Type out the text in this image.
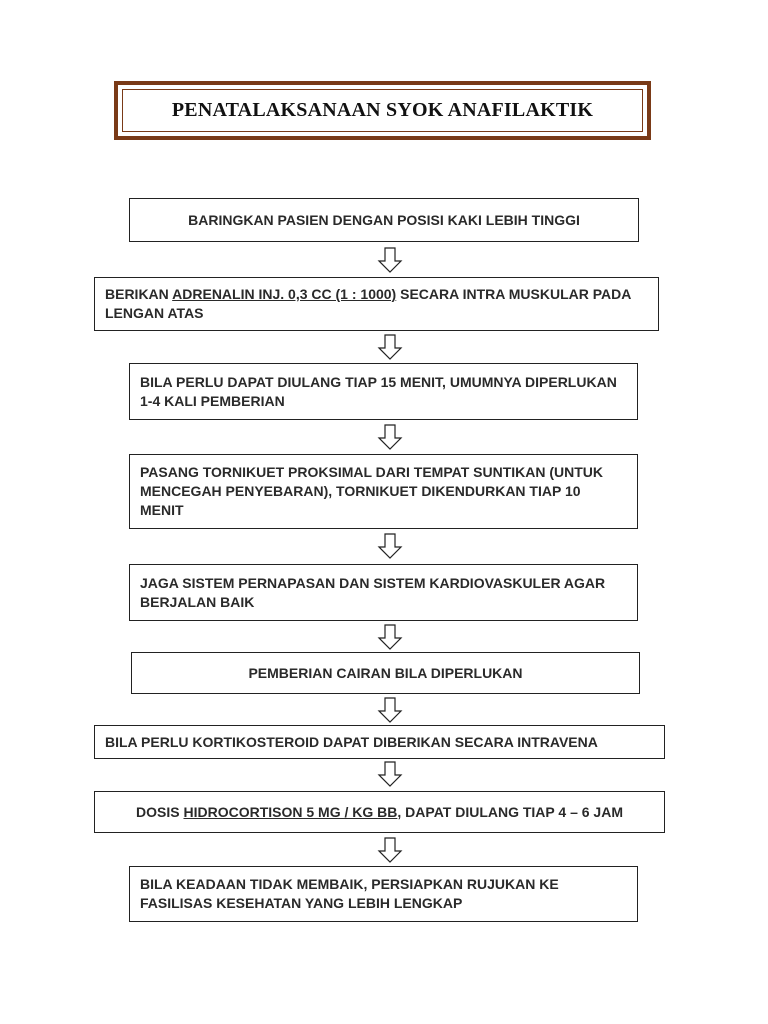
PENATALAKSANAAN SYOK ANAFILAKTIK
BARINGKAN PASIEN DENGAN POSISI KAKI LEBIH TINGGI
BERIKAN ADRENALIN INJ. 0,3 CC (1 : 1000) SECARA INTRA MUSKULAR PADA LENGAN ATAS
BILA PERLU DAPAT DIULANG TIAP 15 MENIT, UMUMNYA DIPERLUKAN 1-4 KALI PEMBERIAN
PASANG TORNIKUET PROKSIMAL DARI TEMPAT SUNTIKAN (UNTUK MENCEGAH PENYEBARAN), TORNIKUET DIKENDURKAN TIAP 10 MENIT
JAGA SISTEM PERNAPASAN DAN SISTEM KARDIOVASKULER AGAR BERJALAN BAIK
PEMBERIAN CAIRAN BILA DIPERLUKAN
BILA PERLU KORTIKOSTEROID DAPAT DIBERIKAN SECARA INTRAVENA
DOSIS HIDROCORTISON 5 MG / KG BB, DAPAT DIULANG TIAP 4 – 6 JAM
BILA KEADAAN TIDAK MEMBAIK, PERSIAPKAN RUJUKAN KE FASILISAS KESEHATAN YANG LEBIH LENGKAP
